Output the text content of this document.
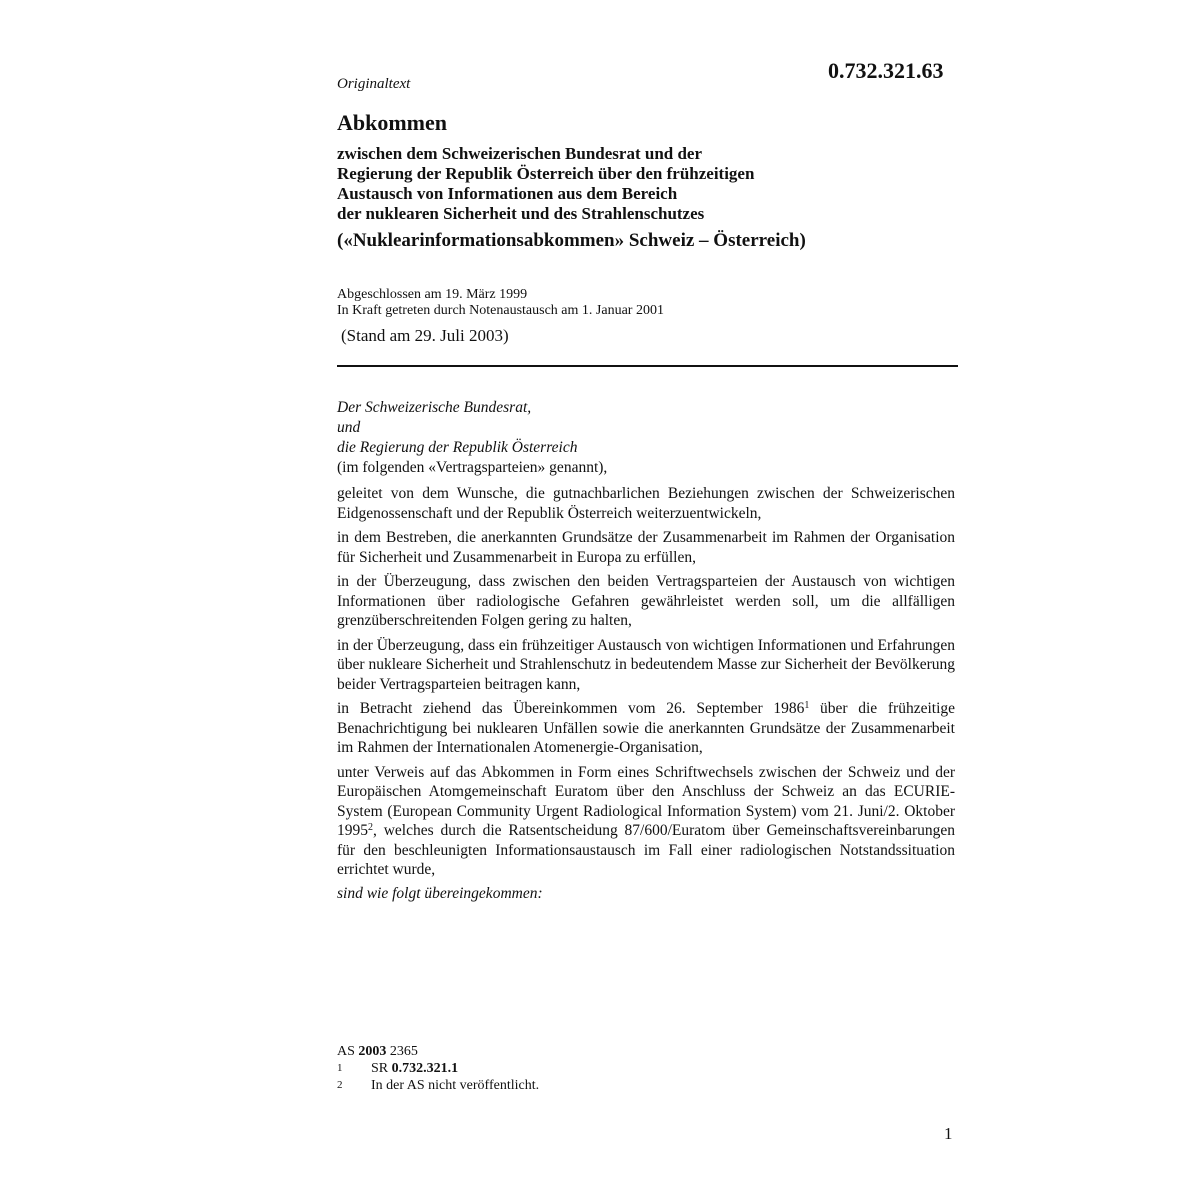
0.732.321.63
Originaltext
Abkommen
zwischen dem Schweizerischen Bundesrat und der
Regierung der Republik Österreich über den frühzeitigen
Austausch von Informationen aus dem Bereich
der nuklearen Sicherheit und des Strahlenschutzes
(«Nuklearinformationsabkommen» Schweiz – Österreich)
Abgeschlossen am 19. März 1999
In Kraft getreten durch Notenaustausch am 1. Januar 2001
(Stand am 29. Juli 2003)
Der Schweizerische Bundesrat,
und
die Regierung der Republik Österreich
(im folgenden «Vertragsparteien» genannt),

geleitet von dem Wunsche, die gutnachbarlichen Beziehungen zwischen der Schweizerischen Eidgenossenschaft und der Republik Österreich weiterzuentwickeln,

in dem Bestreben, die anerkannten Grundsätze der Zusammenarbeit im Rahmen der Organisation für Sicherheit und Zusammenarbeit in Europa zu erfüllen,

in der Überzeugung, dass zwischen den beiden Vertragsparteien der Austausch von wichtigen Informationen über radiologische Gefahren gewährleistet werden soll, um die allfälligen grenzüberschreitenden Folgen gering zu halten,

in der Überzeugung, dass ein frühzeitiger Austausch von wichtigen Informationen und Erfahrungen über nukleare Sicherheit und Strahlenschutz in bedeutendem Masse zur Sicherheit der Bevölkerung beider Vertragsparteien beitragen kann,

in Betracht ziehend das Übereinkommen vom 26. September 1986$^1$ über die frühzeitige Benachrichtigung bei nuklearen Unfällen sowie die anerkannten Grundsätze der Zusammenarbeit im Rahmen der Internationalen Atomenergie-Organisation,

unter Verweis auf das Abkommen in Form eines Schriftwechsels zwischen der Schweiz und der Europäischen Atomgemeinschaft Euratom über den Anschluss der Schweiz an das ECURIE-System (European Community Urgent Radiological Information System) vom 21. Juni/2. Oktober 1995$^2$, welches durch die Ratsentscheidung 87/600/Euratom über Gemeinschaftsvereinbarungen für den beschleunigten Informationsaustausch im Fall einer radiologischen Notstandssituation errichtet wurde,

sind wie folgt übereingekommen:
AS 2003 2365
1	SR 0.732.321.1
2	In der AS nicht veröffentlicht.
1
